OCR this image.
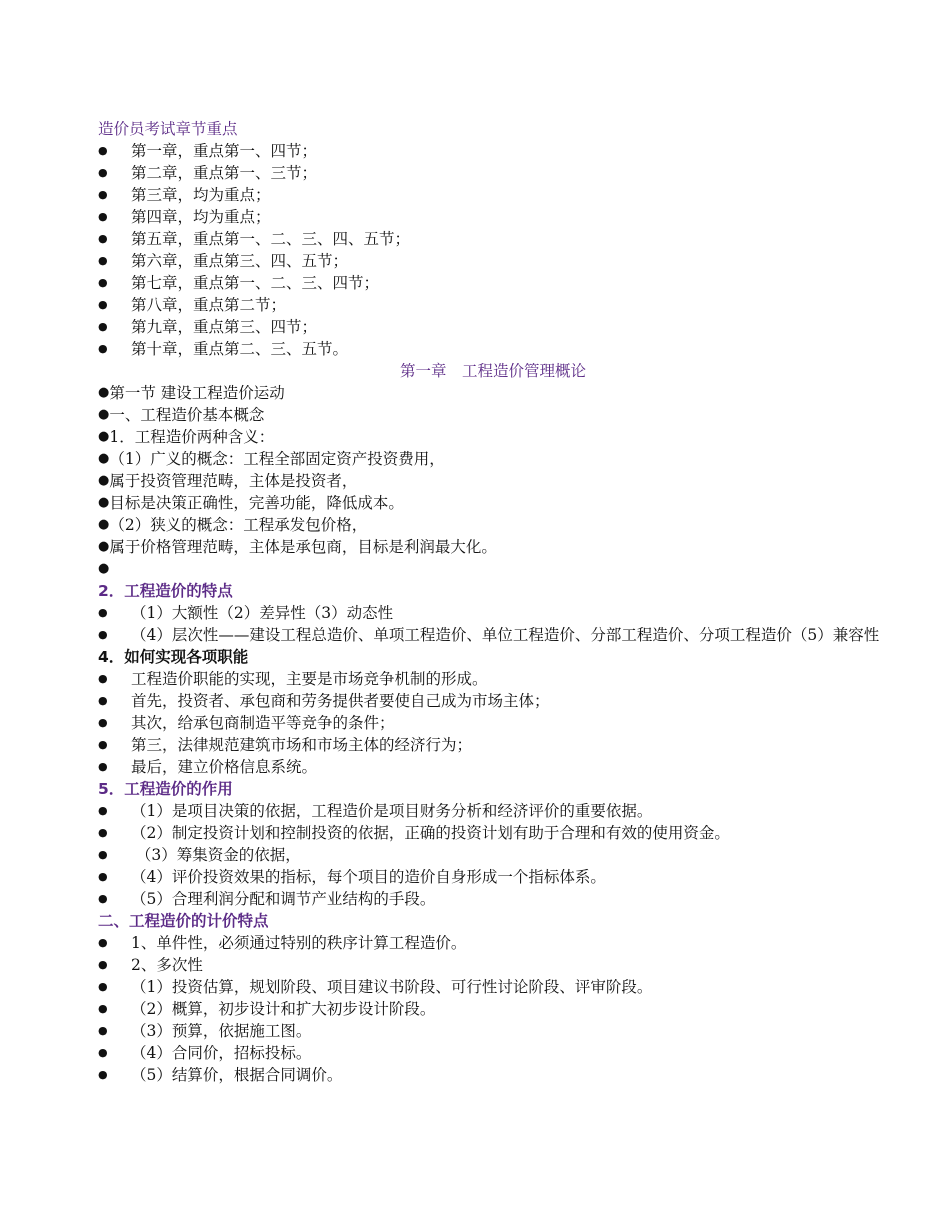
造价员考试章节重点
● 第一章，重点第一、四节；
● 第二章，重点第一、三节；
● 第三章，均为重点；
● 第四章，均为重点；
● 第五章，重点第一、二、三、四、五节；
● 第六章，重点第三、四、五节；
● 第七章，重点第一、二、三、四节；
● 第八章，重点第二节；
● 第九章，重点第三、四节；
● 第十章，重点第二、三、五节。
第一章　工程造价管理概论
●第一节 建设工程造价运动
●一、工程造价基本概念
●1．工程造价两种含义：
●（1）广义的概念：工程全部固定资产投资费用，
●属于投资管理范畴，主体是投资者，
●目标是决策正确性，完善功能，降低成本。
●（2）狭义的概念：工程承发包价格，
●属于价格管理范畴，主体是承包商，目标是利润最大化。
●
2．工程造价的特点
● （1）大额性（2）差异性（3）动态性
● （4）层次性——建设工程总造价、单项工程造价、单位工程造价、分部工程造价、分项工程造价（5）兼容性
4．如何实现各项职能
● 工程造价职能的实现，主要是市场竞争机制的形成。
● 首先，投资者、承包商和劳务提供者要使自己成为市场主体；
● 其次，给承包商制造平等竞争的条件；
● 第三，法律规范建筑市场和市场主体的经济行为；
● 最后，建立价格信息系统。
5．工程造价的作用
● （1）是项目决策的依据，工程造价是项目财务分析和经济评价的重要依据。
● （2）制定投资计划和控制投资的依据，正确的投资计划有助于合理和有效的使用资金。
● （3）筹集资金的依据，
● （4）评价投资效果的指标，每个项目的造价自身形成一个指标体系。
● （5）合理利润分配和调节产业结构的手段。
二、工程造价的计价特点
● 1、单件性，必须通过特别的秩序计算工程造价。
● 2、多次性
● （1）投资估算，规划阶段、项目建议书阶段、可行性讨论阶段、评审阶段。
● （2）概算，初步设计和扩大初步设计阶段。
● （3）预算，依据施工图。
● （4）合同价，招标投标。
● （5）结算价，根据合同调价。
